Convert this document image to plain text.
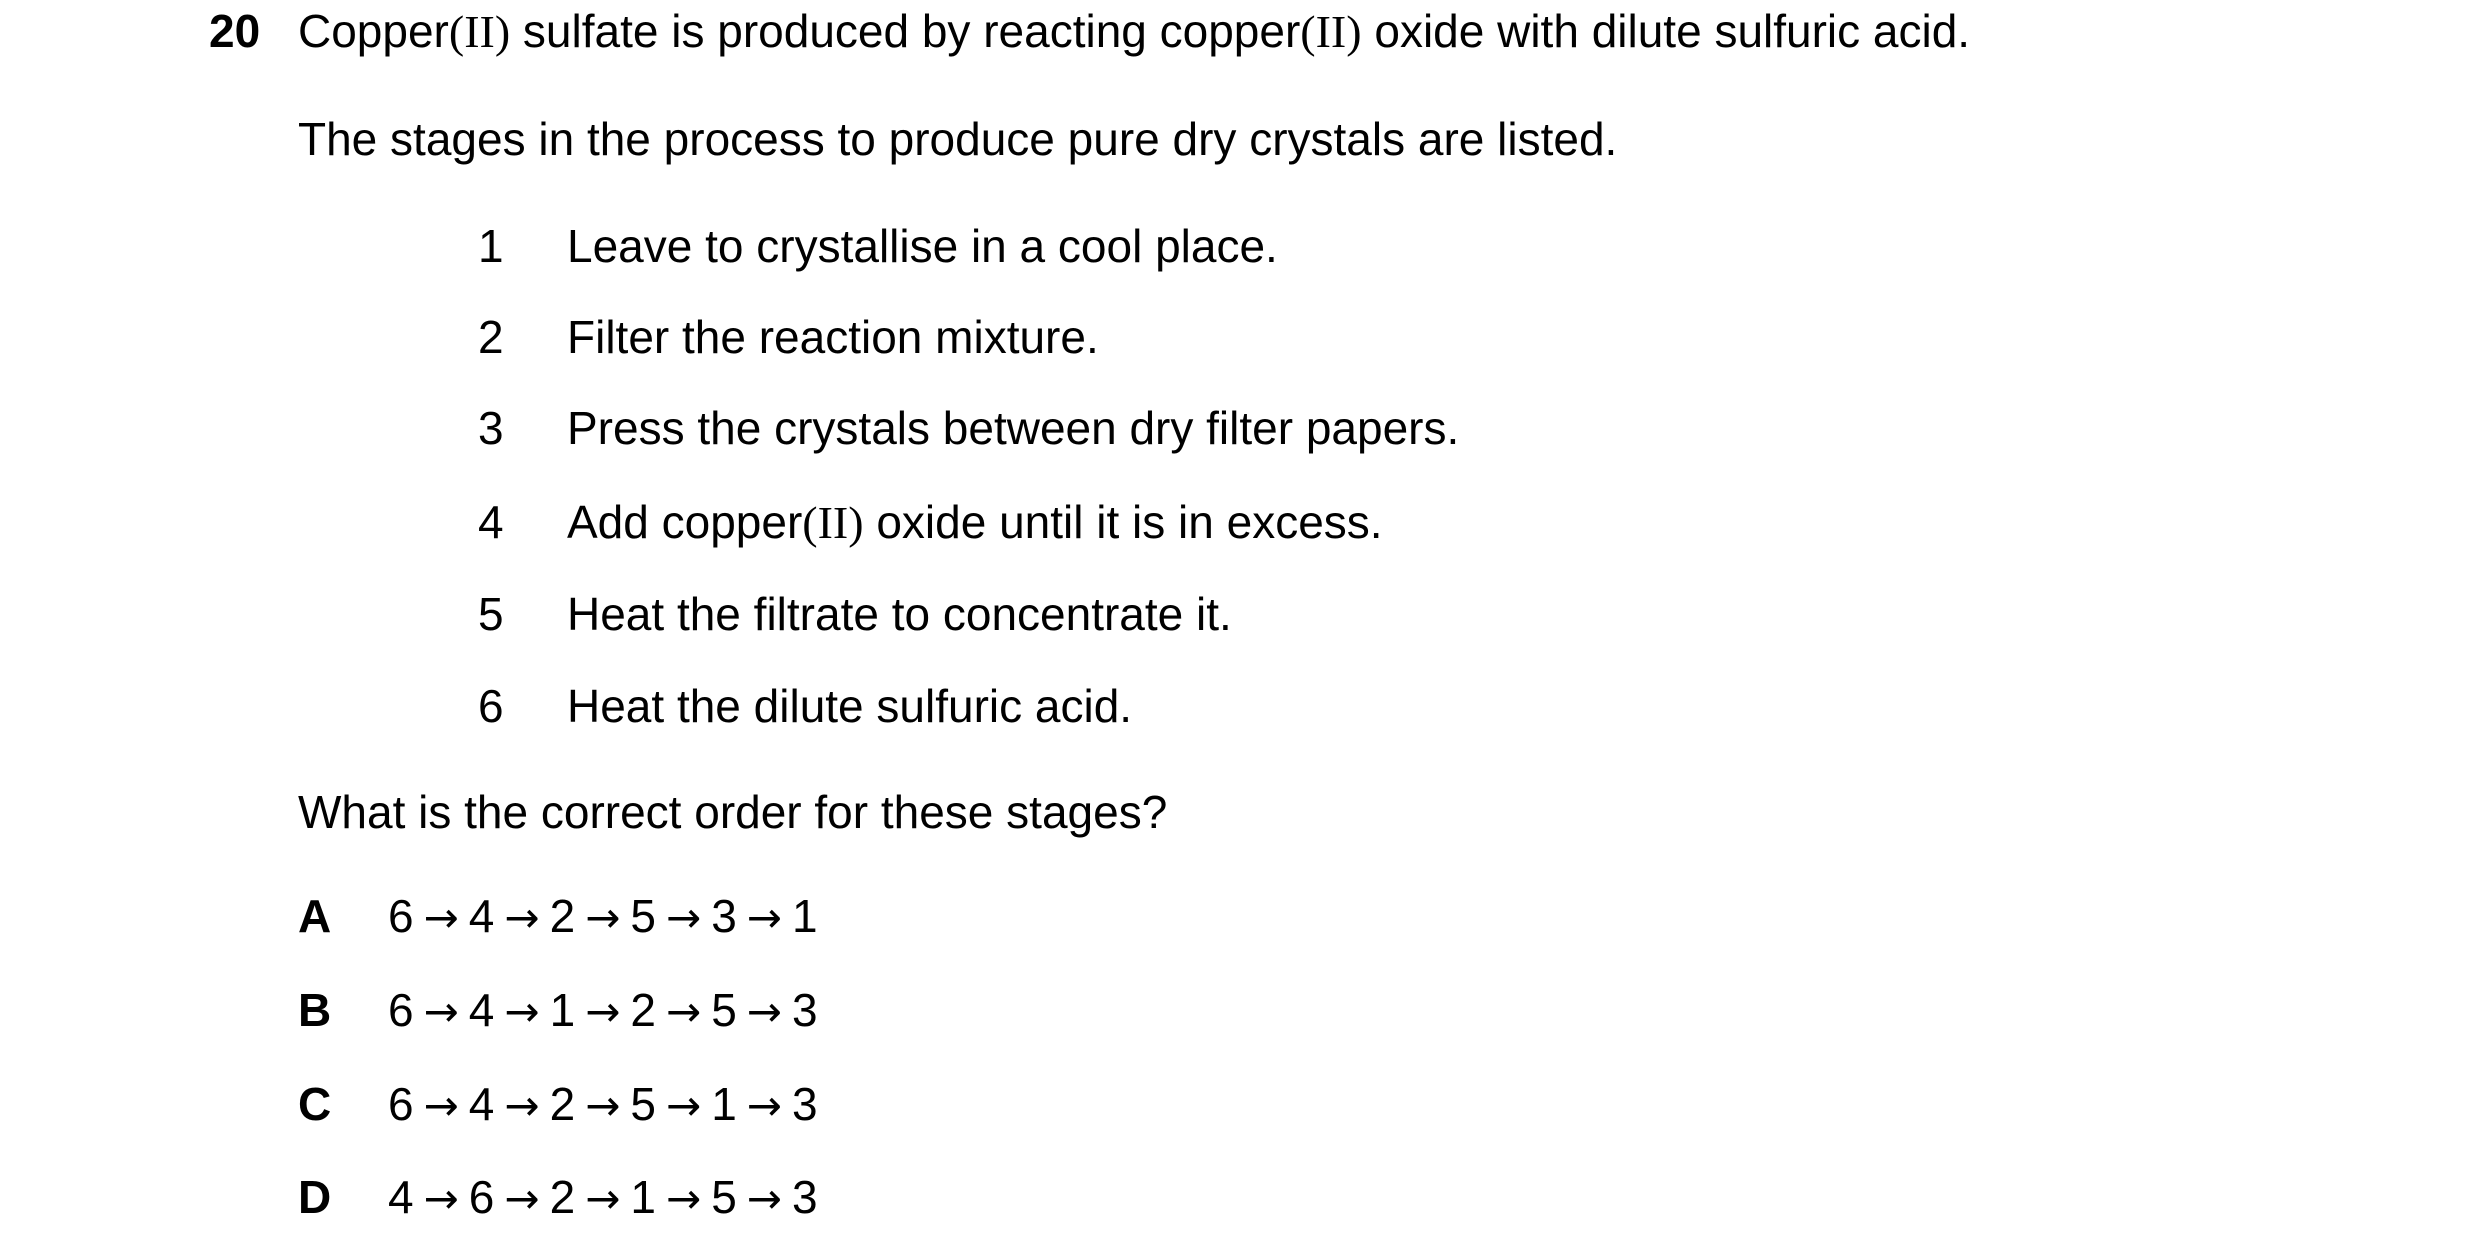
20 Copper(II) sulfate is produced by reacting copper(II) oxide with dilute sulfuric acid.
The stages in the process to produce pure dry crystals are listed.
1 Leave to crystallise in a cool place.
2 Filter the reaction mixture.
3 Press the crystals between dry filter papers.
4 Add copper(II) oxide until it is in excess.
5 Heat the filtrate to concentrate it.
6 Heat the dilute sulfuric acid.
What is the correct order for these stages?
A 6 → 4 → 2 → 5 → 3 → 1
B 6 → 4 → 1 → 2 → 5 → 3
C 6 → 4 → 2 → 5 → 1 → 3
D 4 → 6 → 2 → 1 → 5 → 3
